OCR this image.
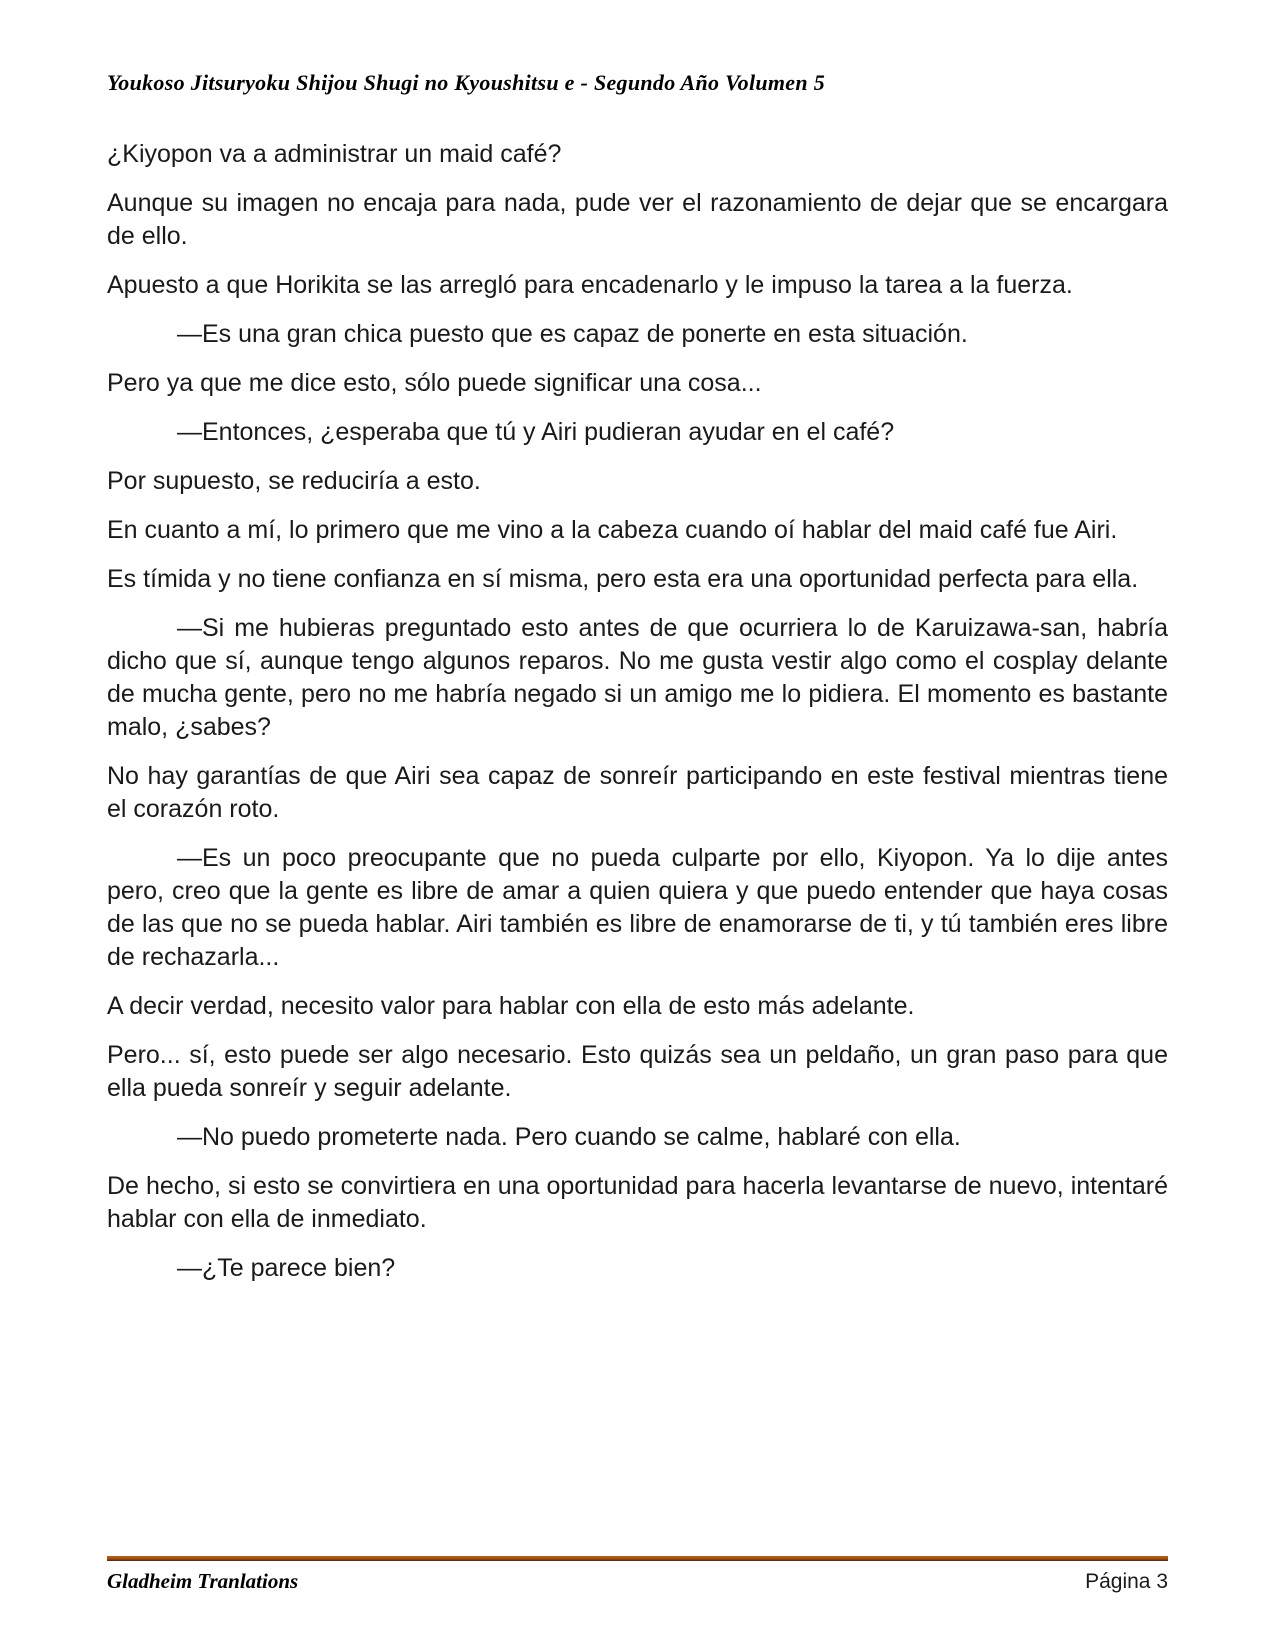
Youkoso Jitsuryoku Shijou Shugi no Kyoushitsu e - Segundo Año Volumen 5

¿Kiyopon va a administrar un maid café?

Aunque su imagen no encaja para nada, pude ver el razonamiento de dejar que se encargara de ello.

Apuesto a que Horikita se las arregló para encadenarlo y le impuso la tarea a la fuerza.

—Es una gran chica puesto que es capaz de ponerte en esta situación.

Pero ya que me dice esto, sólo puede significar una cosa...

—Entonces, ¿esperaba que tú y Airi pudieran ayudar en el café?

Por supuesto, se reduciría a esto.

En cuanto a mí, lo primero que me vino a la cabeza cuando oí hablar del maid café fue Airi.

Es tímida y no tiene confianza en sí misma, pero esta era una oportunidad perfecta para ella.

—Si me hubieras preguntado esto antes de que ocurriera lo de Karuizawa-san, habría dicho que sí, aunque tengo algunos reparos. No me gusta vestir algo como el cosplay delante de mucha gente, pero no me habría negado si un amigo me lo pidiera. El momento es bastante malo, ¿sabes?

No hay garantías de que Airi sea capaz de sonreír participando en este festival mientras tiene el corazón roto.

—Es un poco preocupante que no pueda culparte por ello, Kiyopon. Ya lo dije antes pero, creo que la gente es libre de amar a quien quiera y que puedo entender que haya cosas de las que no se pueda hablar. Airi también es libre de enamorarse de ti, y tú también eres libre de rechazarla...

A decir verdad, necesito valor para hablar con ella de esto más adelante.

Pero... sí, esto puede ser algo necesario. Esto quizás sea un peldaño, un gran paso para que ella pueda sonreír y seguir adelante.

—No puedo prometerte nada. Pero cuando se calme, hablaré con ella.

De hecho, si esto se convirtiera en una oportunidad para hacerla levantarse de nuevo, intentaré hablar con ella de inmediato.

—¿Te parece bien?

Gladheim Tranlations	Página 3
